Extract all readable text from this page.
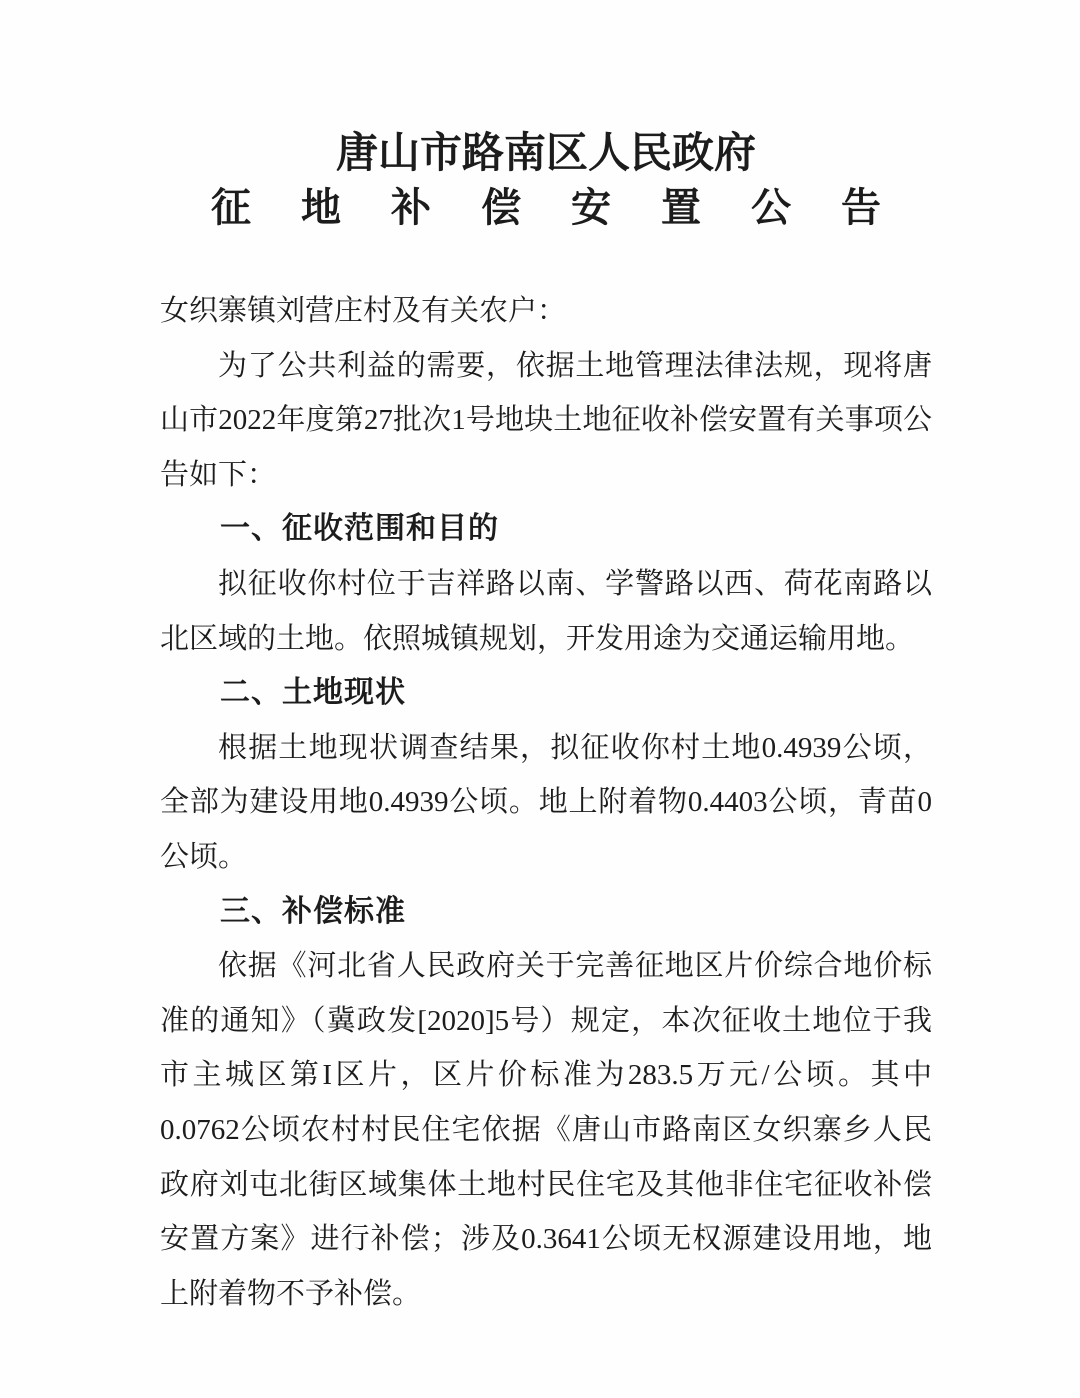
唐山市路南区人民政府
征 地 补 偿 安 置 公 告

女织寨镇刘营庄村及有关农户：

为了公共利益的需要，依据土地管理法律法规，现将唐山市2022年度第27批次1号地块土地征收补偿安置有关事项公告如下：

一、征收范围和目的

拟征收你村位于吉祥路以南、学警路以西、荷花南路以北区域的土地。依照城镇规划，开发用途为交通运输用地。

二、土地现状

根据土地现状调查结果，拟征收你村土地0.4939公顷，全部为建设用地0.4939公顷。地上附着物0.4403公顷，青苗0公顷。

三、补偿标准

依据《河北省人民政府关于完善征地区片价综合地价标准的通知》（冀政发[2020]5号）规定，本次征收土地位于我市主城区第I区片，区片价标准为283.5万元/公顷。其中 0.0762公顷农村村民住宅依据《唐山市路南区女织寨乡人民政府刘屯北街区域集体土地村民住宅及其他非住宅征收补偿安置方案》进行补偿；涉及0.3641公顷无权源建设用地，地上附着物不予补偿。
